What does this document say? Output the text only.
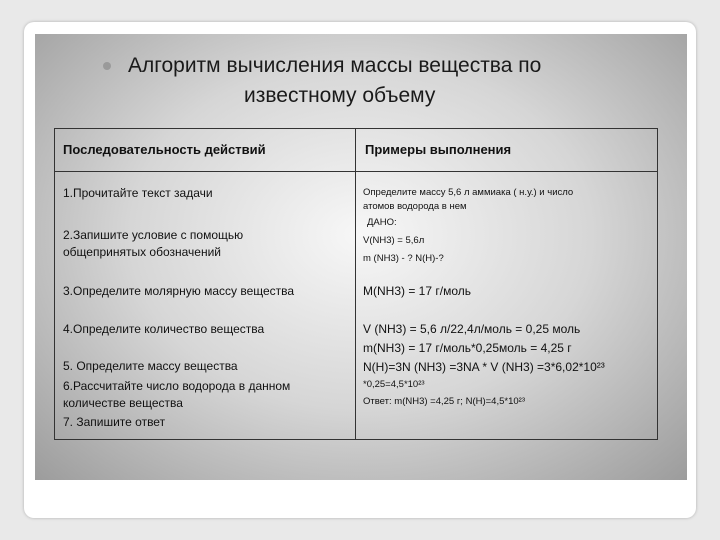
Алгоритм вычисления массы вещества по
известному объему
Последовательность действий	Примеры выполнения
1.Прочитайте текст задачи
2.Запишите условие с помощью
общепринятых обозначений
3.Определите молярную массу вещества
4.Определите количество вещества
5. Определите массу вещества
6.Рассчитайте число водорода в данном
количестве вещества
7. Запишите ответ
Определите массу 5,6 л аммиака ( н.у.) и число
атомов водорода в нем
ДАНО:
V(NH3) = 5,6л
m (NH3) - ? N(H)-?
M(NH3) = 17 г/моль
V (NH3) = 5,6 л/22,4л/моль = 0,25 моль
m(NH3) = 17 г/моль*0,25моль = 4,25 г
N(H)=3N (NH3) =3NA * V (NH3) =3*6,02*10²³
*0,25=4,5*10²³
Ответ: m(NH3) =4,25 г; N(H)=4,5*10²³
